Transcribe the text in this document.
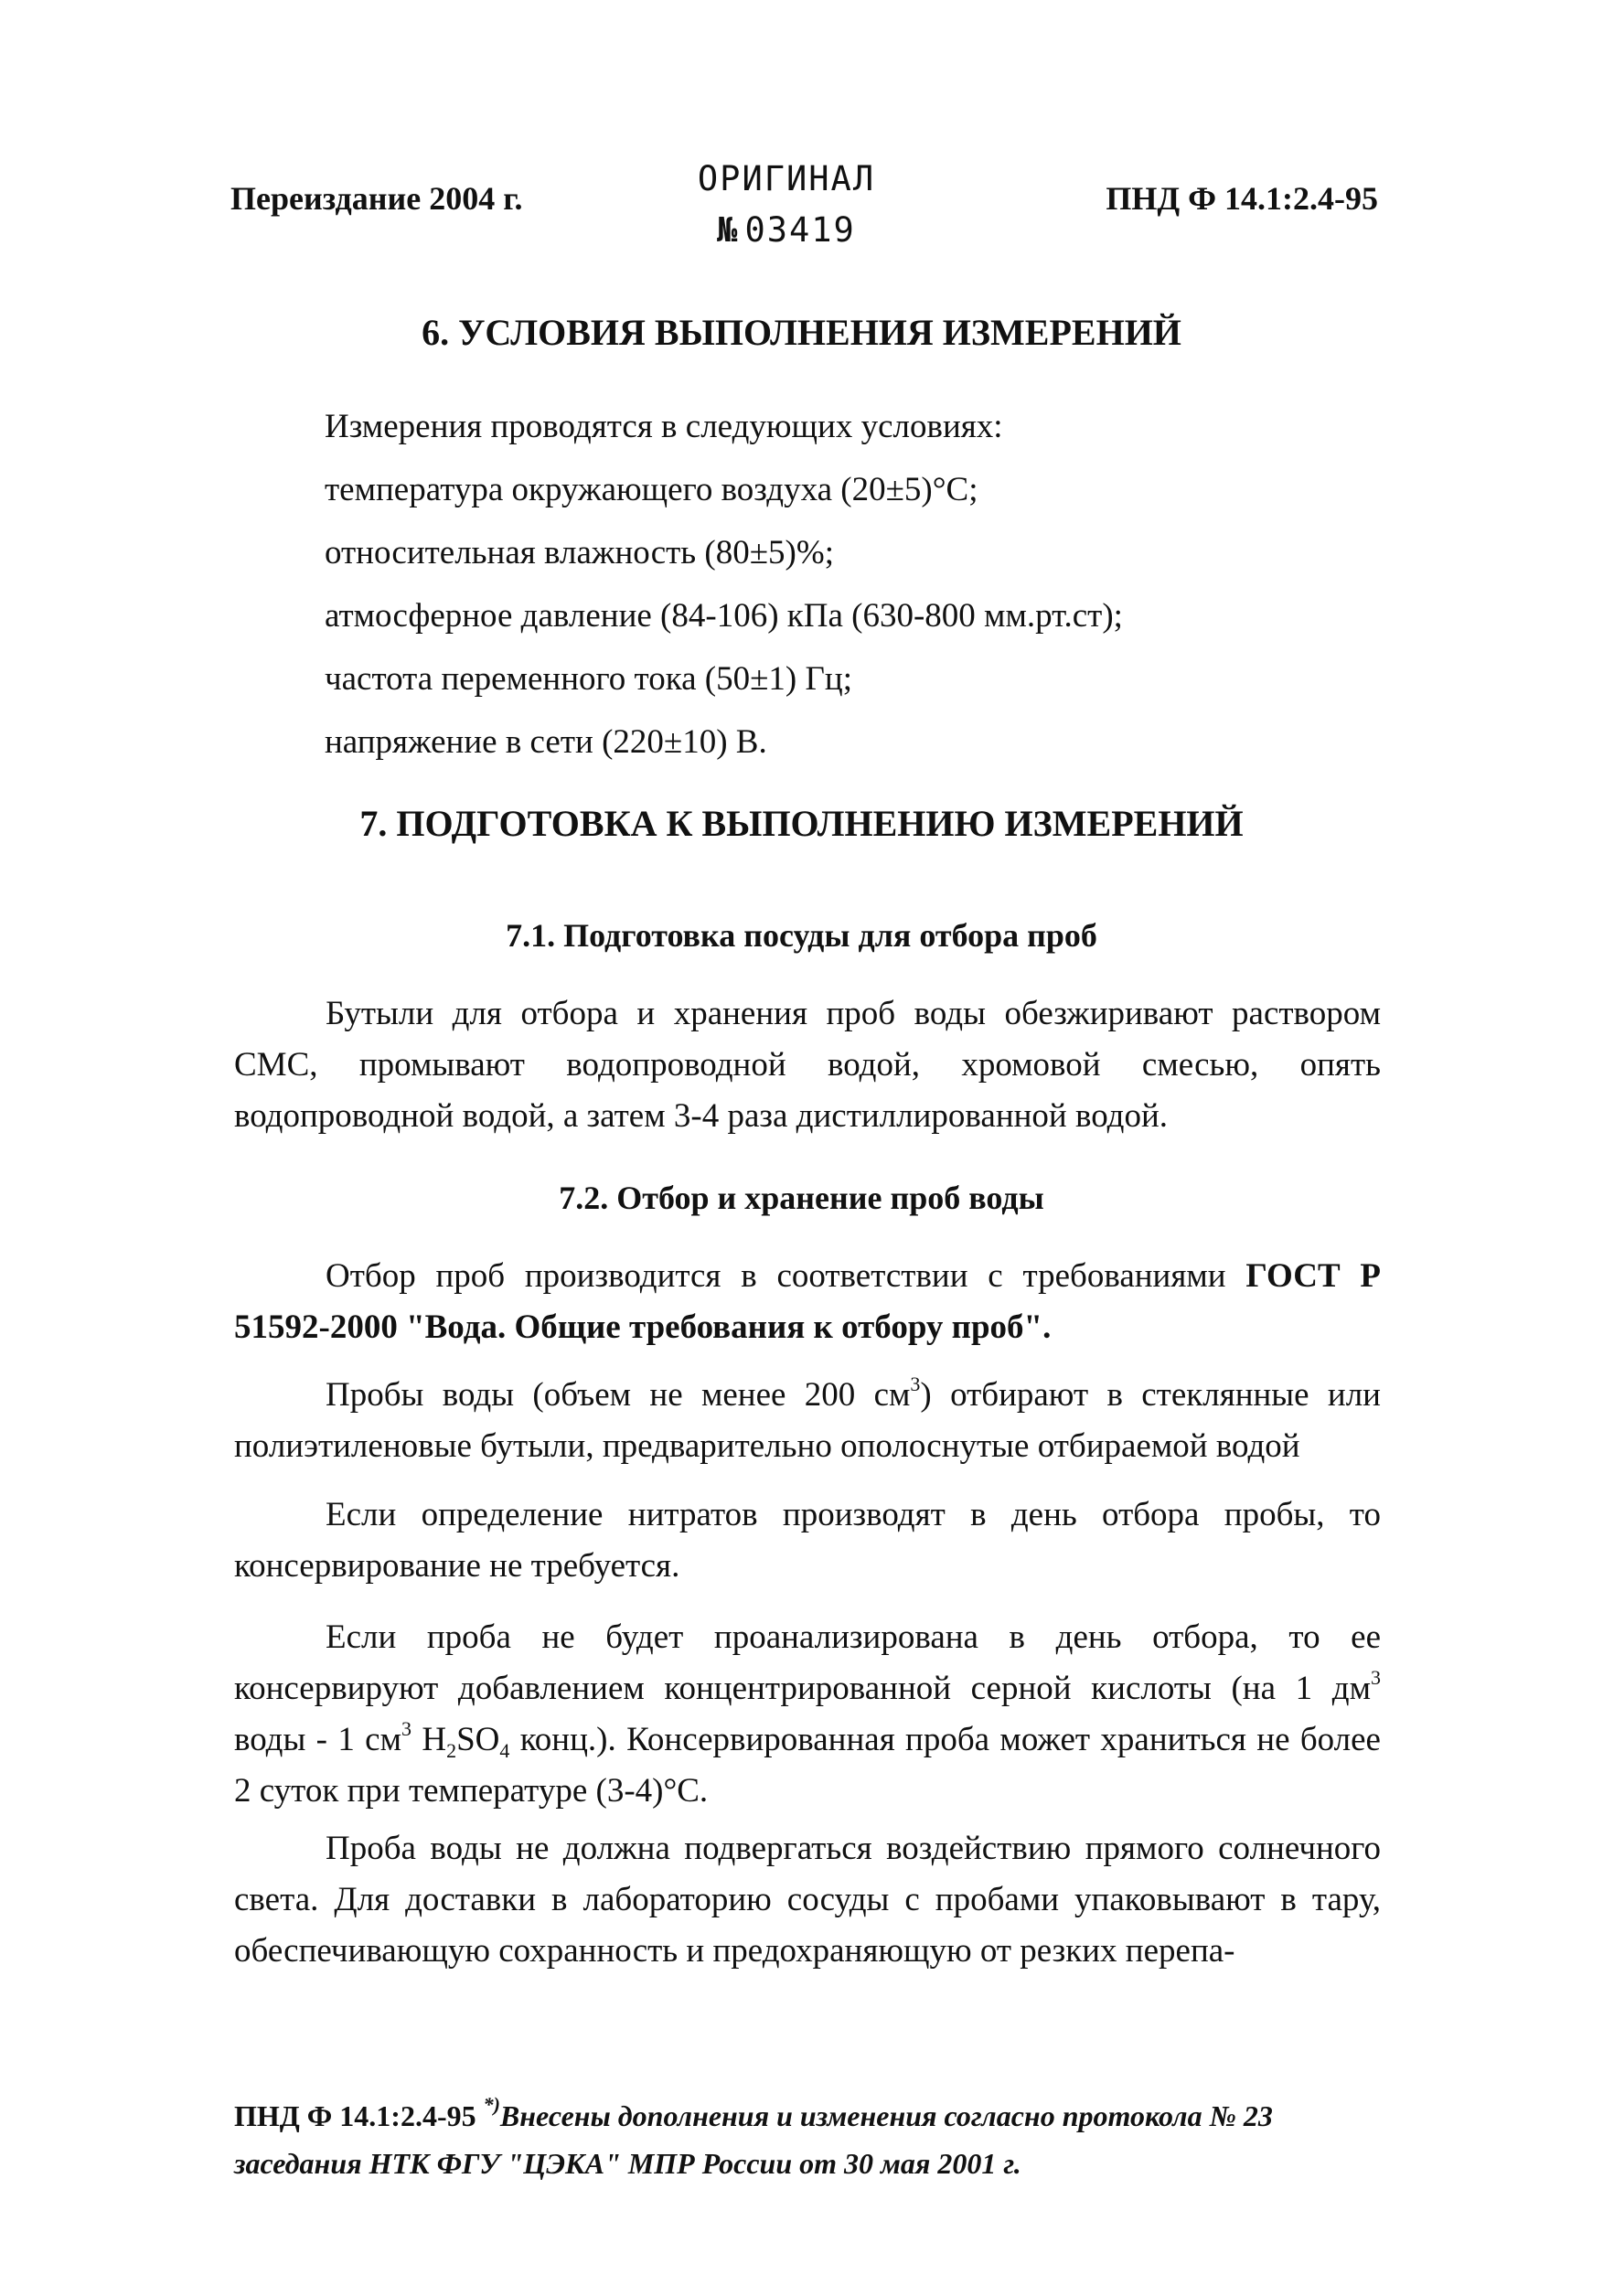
Переиздание 2004 г.	ОРИГИНАЛ
№ 03419
ПНД Ф 14.1:2.4-95
6. УСЛОВИЯ ВЫПОЛНЕНИЯ ИЗМЕРЕНИЙ
Измерения проводятся в следующих условиях:
температура окружающего воздуха (20±5)°С;
относительная влажность (80±5)%;
атмосферное давление (84-106) кПа (630-800 мм.рт.ст);
частота переменного тока (50±1) Гц;
напряжение в сети (220±10) В.
7. ПОДГОТОВКА К ВЫПОЛНЕНИЮ ИЗМЕРЕНИЙ
7.1. Подготовка посуды для отбора проб
Бутыли для отбора и хранения проб воды обезжиривают раствором СМС, промывают водопроводной водой, хромовой смесью, опять водопроводной водой, а затем 3-4 раза дистиллированной водой.
7.2. Отбор и хранение проб воды
Отбор проб производится в соответствии с требованиями ГОСТ Р 51592-2000 "Вода. Общие требования к отбору проб".
Пробы воды (объем не менее 200 $см^3$) отбирают в стеклянные или полиэтиленовые бутыли, предварительно ополоснутые отбираемой водой
Если определение нитратов производят в день отбора пробы, то консервирование не требуется.
Если проба не будет проанализирована в день отбора, то ее консервируют добавлением концентрированной серной кислоты (на 1 $дм^3$ воды - 1 $см^3$ $H_2SO_4$ конц.). Консервированная проба может храниться не более 2 суток при температуре (3-4)°С.
Проба воды не должна подвергаться воздействию прямого солнечного света. Для доставки в лабораторию сосуды с пробами упаковывают в тару, обеспечивающую сохранность и предохраняющую от резких перепа-
ПНД Ф 14.1:2.4-95 *)Внесены дополнения и изменения согласно протокола № 23
заседания НТК ФГУ "ЦЭКА" МПР России от 30 мая 2001 г.
